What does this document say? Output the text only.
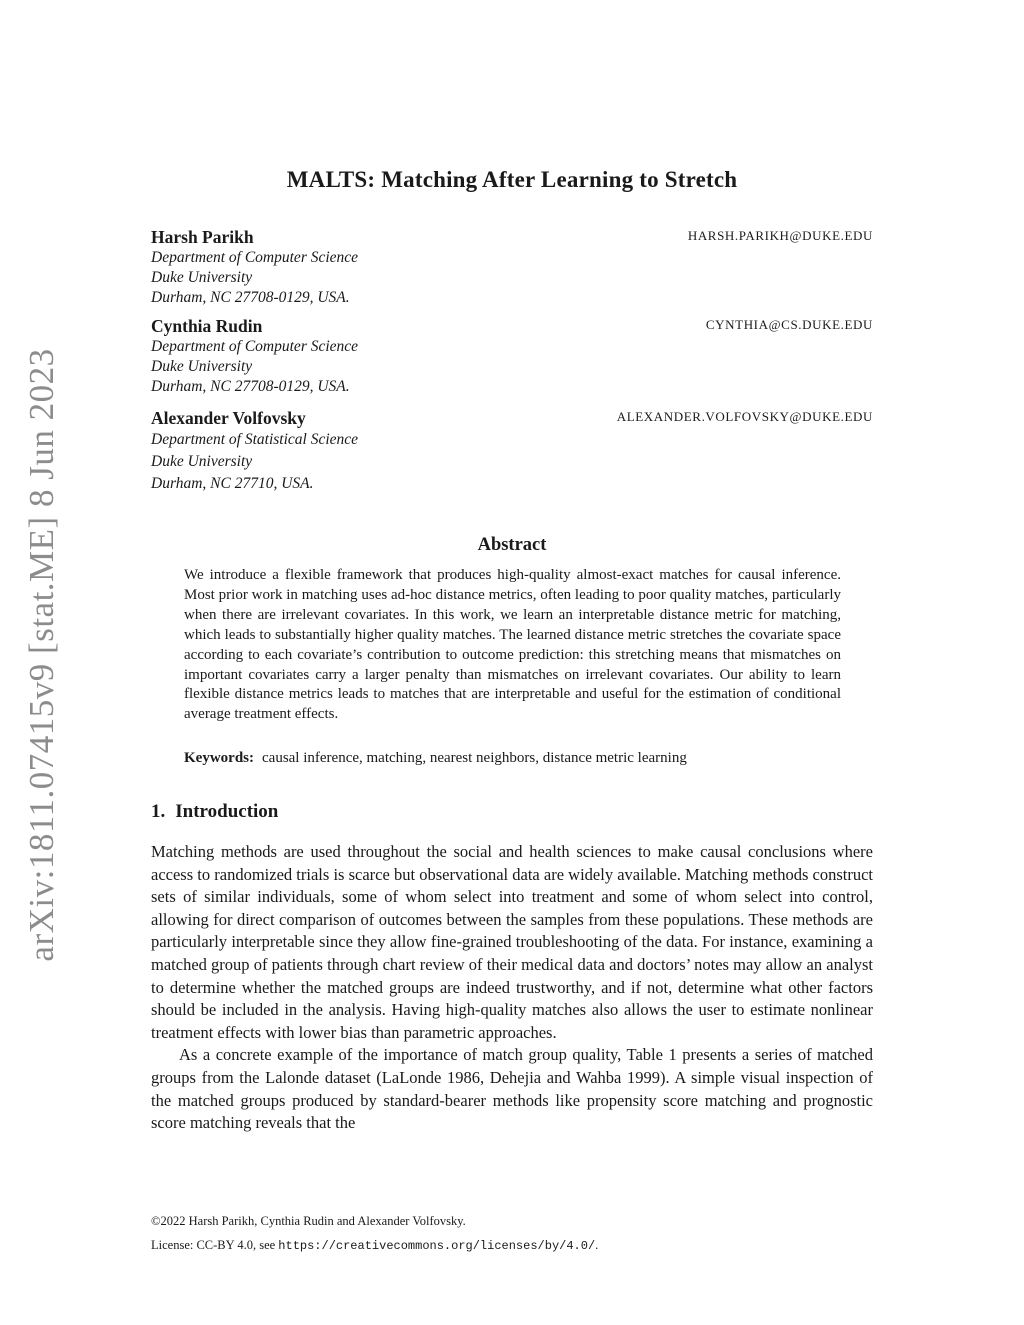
arXiv:1811.07415v9 [stat.ME] 8 Jun 2023
MALTS: Matching After Learning to Stretch
Harsh Parikh	HARSH.PARIKH@DUKE.EDU
Department of Computer Science
Duke University
Durham, NC 27708-0129, USA.
Cynthia Rudin	CYNTHIA@CS.DUKE.EDU
Department of Computer Science
Duke University
Durham, NC 27708-0129, USA.
Alexander Volfovsky	ALEXANDER.VOLFOVSKY@DUKE.EDU
Department of Statistical Science
Duke University
Durham, NC 27710, USA.
Abstract
We introduce a flexible framework that produces high-quality almost-exact matches for causal inference. Most prior work in matching uses ad-hoc distance metrics, often leading to poor quality matches, particularly when there are irrelevant covariates. In this work, we learn an interpretable distance metric for matching, which leads to substantially higher quality matches. The learned distance metric stretches the covariate space according to each covariate’s contribution to outcome prediction: this stretching means that mismatches on important covariates carry a larger penalty than mismatches on irrelevant covariates. Our ability to learn flexible distance metrics leads to matches that are interpretable and useful for the estimation of conditional average treatment effects.
Keywords: causal inference, matching, nearest neighbors, distance metric learning
1. Introduction

Matching methods are used throughout the social and health sciences to make causal conclusions where access to randomized trials is scarce but observational data are widely available. Matching methods construct sets of similar individuals, some of whom select into treatment and some of whom select into control, allowing for direct comparison of outcomes between the samples from these populations. These methods are particularly interpretable since they allow fine-grained troubleshooting of the data. For instance, examining a matched group of patients through chart review of their medical data and doctors’ notes may allow an analyst to determine whether the matched groups are indeed trustworthy, and if not, determine what other factors should be included in the analysis. Having high-quality matches also allows the user to estimate nonlinear treatment effects with lower bias than parametric approaches.

As a concrete example of the importance of match group quality, Table 1 presents a series of matched groups from the Lalonde dataset (LaLonde 1986, Dehejia and Wahba 1999). A simple visual inspection of the matched groups produced by standard-bearer methods like propensity score matching and prognostic score matching reveals that the

©2022 Harsh Parikh, Cynthia Rudin and Alexander Volfovsky.
License: CC-BY 4.0, see https://creativecommons.org/licenses/by/4.0/.
